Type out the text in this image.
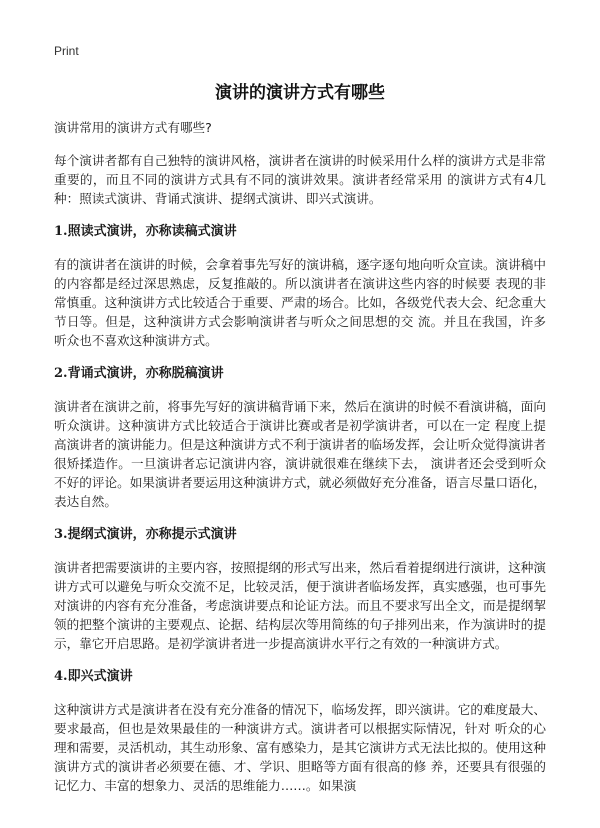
Print
演讲的演讲方式有哪些

演讲常用的演讲方式有哪些?

每个演讲者都有自己独特的演讲风格，演讲者在演讲的时候采用什么样的演讲方式是非常重要的，而且不同的演讲方式具有不同的演讲效果。演讲者经常采用 的演讲方式有4几种：照读式演讲、背诵式演讲、提纲式演讲、即兴式演讲。

1.照读式演讲，亦称读稿式演讲

有的演讲者在演讲的时候，会拿着事先写好的演讲稿，逐字逐句地向听众宣读。演讲稿中的内容都是经过深思熟虑，反复推敲的。所以演讲者在演讲这些内容的时候要 表现的非常慎重。这种演讲方式比较适合于重要、严肃的场合。比如，各级党代表大会、纪念重大节日等。但是，这种演讲方式会影响演讲者与听众之间思想的交 流。并且在我国，许多听众也不喜欢这种演讲方式。

2.背诵式演讲，亦称脱稿演讲

演讲者在演讲之前，将事先写好的演讲稿背诵下来，然后在演讲的时候不看演讲稿，面向听众演讲。这种演讲方式比较适合于演讲比赛或者是初学演讲者，可以在一定 程度上提高演讲者的演讲能力。但是这种演讲方式不利于演讲者的临场发挥，会让听众觉得演讲者很矫揉造作。一旦演讲者忘记演讲内容，演讲就很难在继续下去， 演讲者还会受到听众不好的评论。如果演讲者要运用这种演讲方式，就必须做好充分准备，语言尽量口语化，表达自然。

3.提纲式演讲，亦称提示式演讲

演讲者把需要演讲的主要内容，按照提纲的形式写出来，然后看着提纲进行演讲，这种演讲方式可以避免与听众交流不足，比较灵活，便于演讲者临场发挥，真实感强，也可事先对演讲的内容有充分准备，考虑演讲要点和论证方法。而且不要求写出全文，而是提纲挈领的把整个演讲的主要观点、论据、结构层次等用简练的句子排列出来，作为演讲时的提示，靠它开启思路。是初学演讲者进一步提高演讲水平行之有效的一种演讲方式。

4.即兴式演讲

这种演讲方式是演讲者在没有充分准备的情况下，临场发挥，即兴演讲。它的难度最大、要求最高，但也是效果最佳的一种演讲方式。演讲者可以根据实际情况，针对 听众的心理和需要，灵活机动，其生动形象、富有感染力，是其它演讲方式无法比拟的。使用这种演讲方式的演讲者必须要在德、才、学识、胆略等方面有很高的修 养，还要具有很强的记忆力、丰富的想象力、灵活的思维能力……。如果演
